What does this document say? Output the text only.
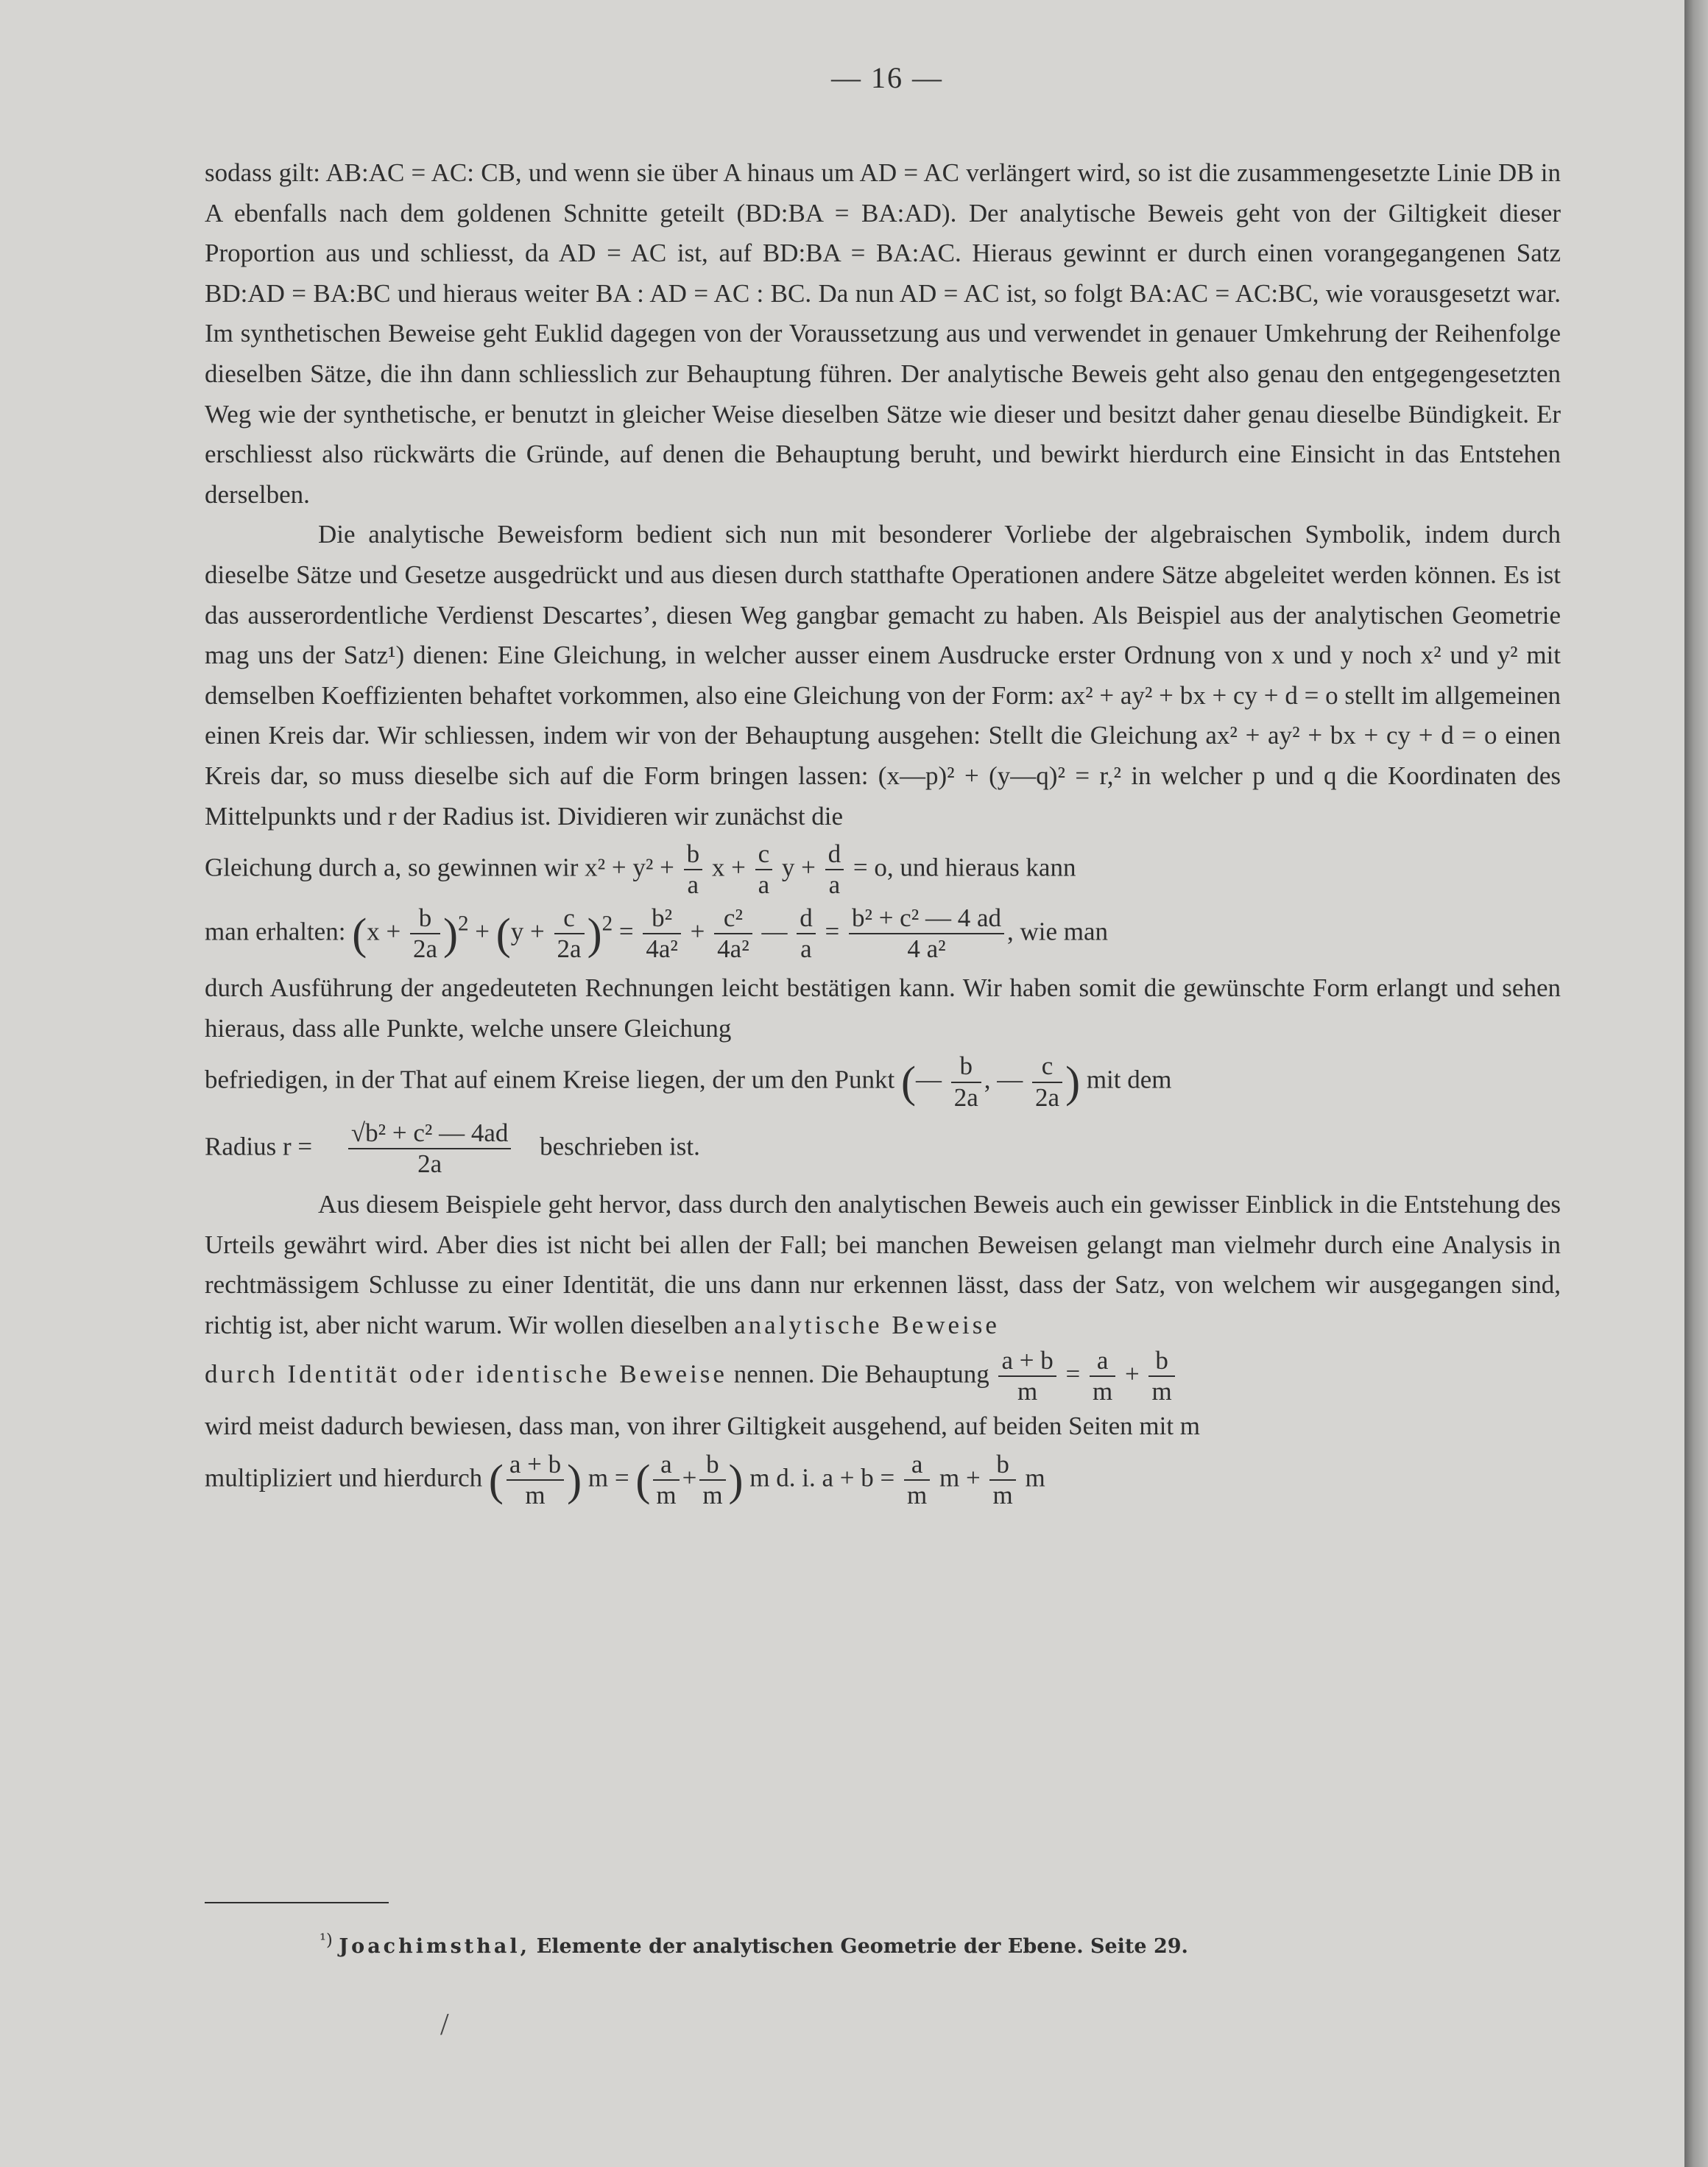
— 16 —

sodass gilt: AB:AC = AC: CB, und wenn sie über A hinaus um AD = AC verlängert wird, so ist die zusammengesetzte Linie DB in A ebenfalls nach dem goldenen Schnitte geteilt (BD:BA = BA:AD). Der analytische Beweis geht von der Giltigkeit dieser Proportion aus und schliesst, da AD = AC ist, auf BD:BA = BA:AC. Hieraus gewinnt er durch einen vorangegangenen Satz BD:AD = BA:BC und hieraus weiter BA : AD = AC : BC. Da nun AD = AC ist, so folgt BA:AC = AC:BC, wie vorausgesetzt war. Im synthetischen Beweise geht Euklid dagegen von der Voraussetzung aus und verwendet in genauer Umkehrung der Reihenfolge dieselben Sätze, die ihn dann schliesslich zur Behauptung führen. Der analytische Beweis geht also genau den entgegengesetzten Weg wie der synthetische, er benutzt in gleicher Weise dieselben Sätze wie dieser und besitzt daher genau dieselbe Bündigkeit. Er erschliesst also rückwärts die Gründe, auf denen die Behauptung beruht, und bewirkt hierdurch eine Einsicht in das Entstehen derselben.

Die analytische Beweisform bedient sich nun mit besonderer Vorliebe der algebraischen Symbolik, indem durch dieselbe Sätze und Gesetze ausgedrückt und aus diesen durch statthafte Operationen andere Sätze abgeleitet werden können. Es ist das ausserordentliche Verdienst Descartes’, diesen Weg gangbar gemacht zu haben. Als Beispiel aus der analytischen Geometrie mag uns der Satz¹) dienen: Eine Gleichung, in welcher ausser einem Ausdrucke erster Ordnung von x und y noch x² und y² mit demselben Koeffizienten behaftet vorkommen, also eine Gleichung von der Form: ax² + ay² + bx + cy + d = o stellt im allgemeinen einen Kreis dar. Wir schliessen, indem wir von der Behauptung ausgehen: Stellt die Gleichung ax² + ay² + bx + cy + d = o einen Kreis dar, so muss dieselbe sich auf die Form bringen lassen: (x—p)² + (y—q)² = r,² in welcher p und q die Koordinaten des Mittelpunkts und r der Radius ist. Dividieren wir zunächst die

Gleichung durch a, so gewinnen wir $x^2 + y^2 + \frac{b}{a}$ $x + \frac{c}{a}$ $y + \frac{d}{a} = o$, und hieraus kann
man erhalten: $(x + \frac{b}{2a} )^2 + (y + \frac{c}{2a} )^2 = \frac{\text{b²}}{\text{4a²}} + \frac{\text{c²}}{\text{4a²}}$ — $\frac{d}{a} = \frac{\text{b² + c² — 4 ad}}{\text{4 a²}}$ , wie man

durch Ausführung der angedeuteten Rechnungen leicht bestätigen kann. Wir haben somit die gewünschte Form erlangt und sehen hieraus, dass alle Punkte, welche unsere Gleichung

befriedigen, in der That auf einem Kreise liegen, der um den Punkt (— $\frac{b}{2a}$ , — $\frac{c}{2a}$ ) mit dem
Radius $r = \frac{\text{√b² + c² — 4ad}}{2a}$ beschrieben ist.

Aus diesem Beispiele geht hervor, dass durch den analytischen Beweis auch ein gewisser Einblick in die Entstehung des Urteils gewährt wird. Aber dies ist nicht bei allen der Fall; bei manchen Beweisen gelangt man vielmehr durch eine Analysis in rechtmässigem Schlusse zu einer Identität, die uns dann nur erkennen lässt, dass der Satz, von welchem wir ausgegangen sind, richtig ist, aber nicht warum. Wir wollen dieselben analytische Beweise

durch Identität oder identische Beweise nennen. Die Behauptung $\frac{a + b}{m} = \frac{a}{m} + \frac{b}{m}$

wird meist dadurch bewiesen, dass man, von ihrer Giltigkeit ausgehend, auf beiden Seiten mit m

multipliziert und hierdurch ( $\frac{a + b}{m}$ ) m = ( $\frac{a}{m} + \frac{b}{m}$ ) m d. i. $a + b = \frac{a}{m}$ $m + \frac{b}{m}$ m
$^{^1)}$ Joachimsthal, Elemente der analytischen Geometrie der Ebene. Seite 29.
/
